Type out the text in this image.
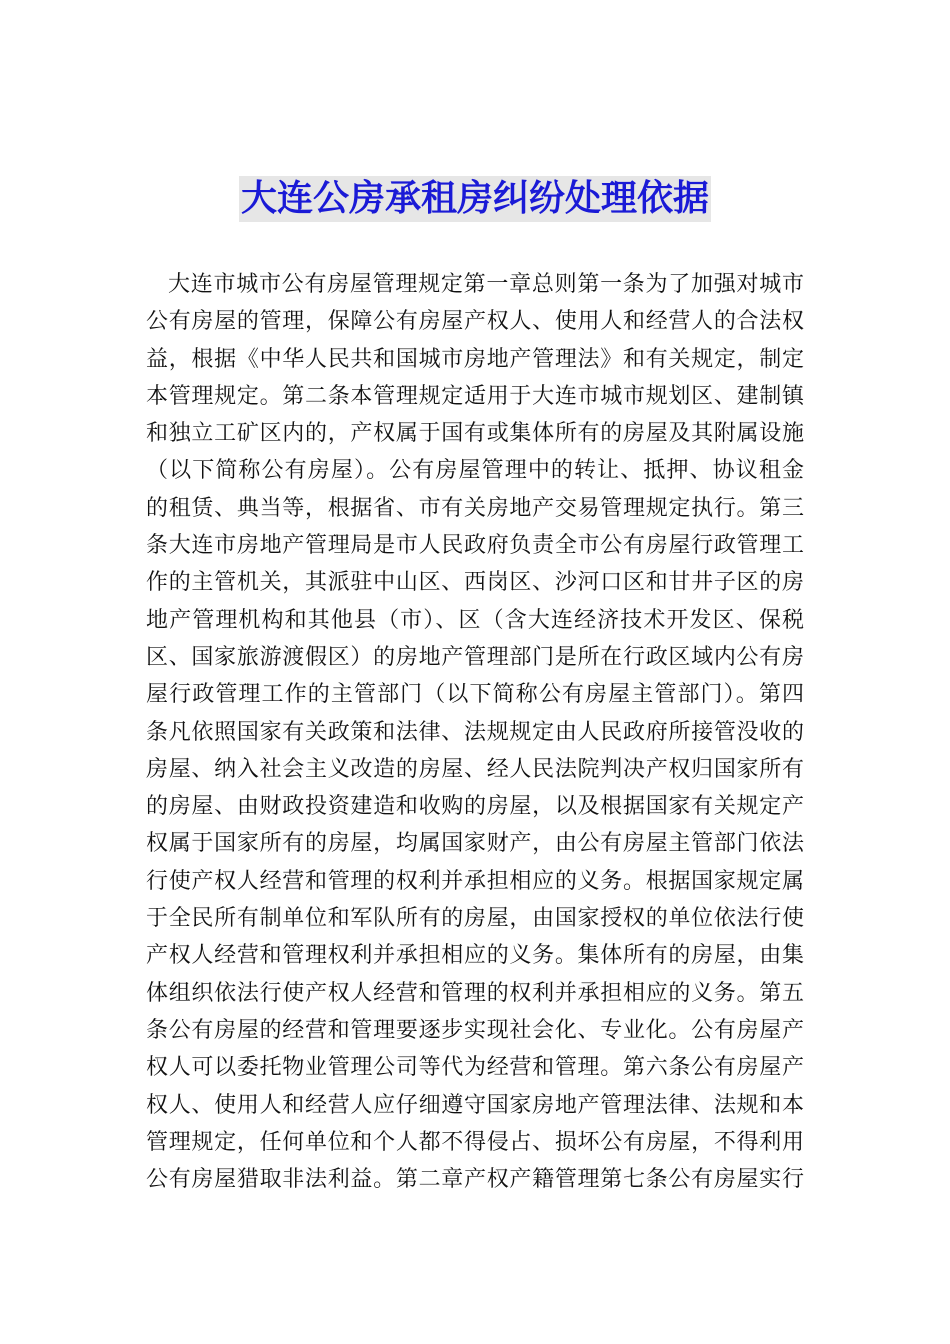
大连公房承租房纠纷处理依据
大连市城市公有房屋管理规定第一章总则第一条为了加强对城市
公有房屋的管理，保障公有房屋产权人、使用人和经营人的合法权
益，根据《中华人民共和国城市房地产管理法》和有关规定，制定
本管理规定。第二条本管理规定适用于大连市城市规划区、建制镇
和独立工矿区内的，产权属于国有或集体所有的房屋及其附属设施
（以下简称公有房屋）。公有房屋管理中的转让、抵押、协议租金
的租赁、典当等，根据省、市有关房地产交易管理规定执行。第三
条大连市房地产管理局是市人民政府负责全市公有房屋行政管理工
作的主管机关，其派驻中山区、西岗区、沙河口区和甘井子区的房
地产管理机构和其他县（市）、区（含大连经济技术开发区、保税
区、国家旅游渡假区）的房地产管理部门是所在行政区域内公有房
屋行政管理工作的主管部门（以下简称公有房屋主管部门）。第四
条凡依照国家有关政策和法律、法规规定由人民政府所接管没收的
房屋、纳入社会主义改造的房屋、经人民法院判决产权归国家所有
的房屋、由财政投资建造和收购的房屋，以及根据国家有关规定产
权属于国家所有的房屋，均属国家财产，由公有房屋主管部门依法
行使产权人经营和管理的权利并承担相应的义务。根据国家规定属
于全民所有制单位和军队所有的房屋，由国家授权的单位依法行使
产权人经营和管理权利并承担相应的义务。集体所有的房屋，由集
体组织依法行使产权人经营和管理的权利并承担相应的义务。第五
条公有房屋的经营和管理要逐步实现社会化、专业化。公有房屋产
权人可以委托物业管理公司等代为经营和管理。第六条公有房屋产
权人、使用人和经营人应仔细遵守国家房地产管理法律、法规和本
管理规定，任何单位和个人都不得侵占、损坏公有房屋，不得利用
公有房屋猎取非法利益。第二章产权产籍管理第七条公有房屋实行
